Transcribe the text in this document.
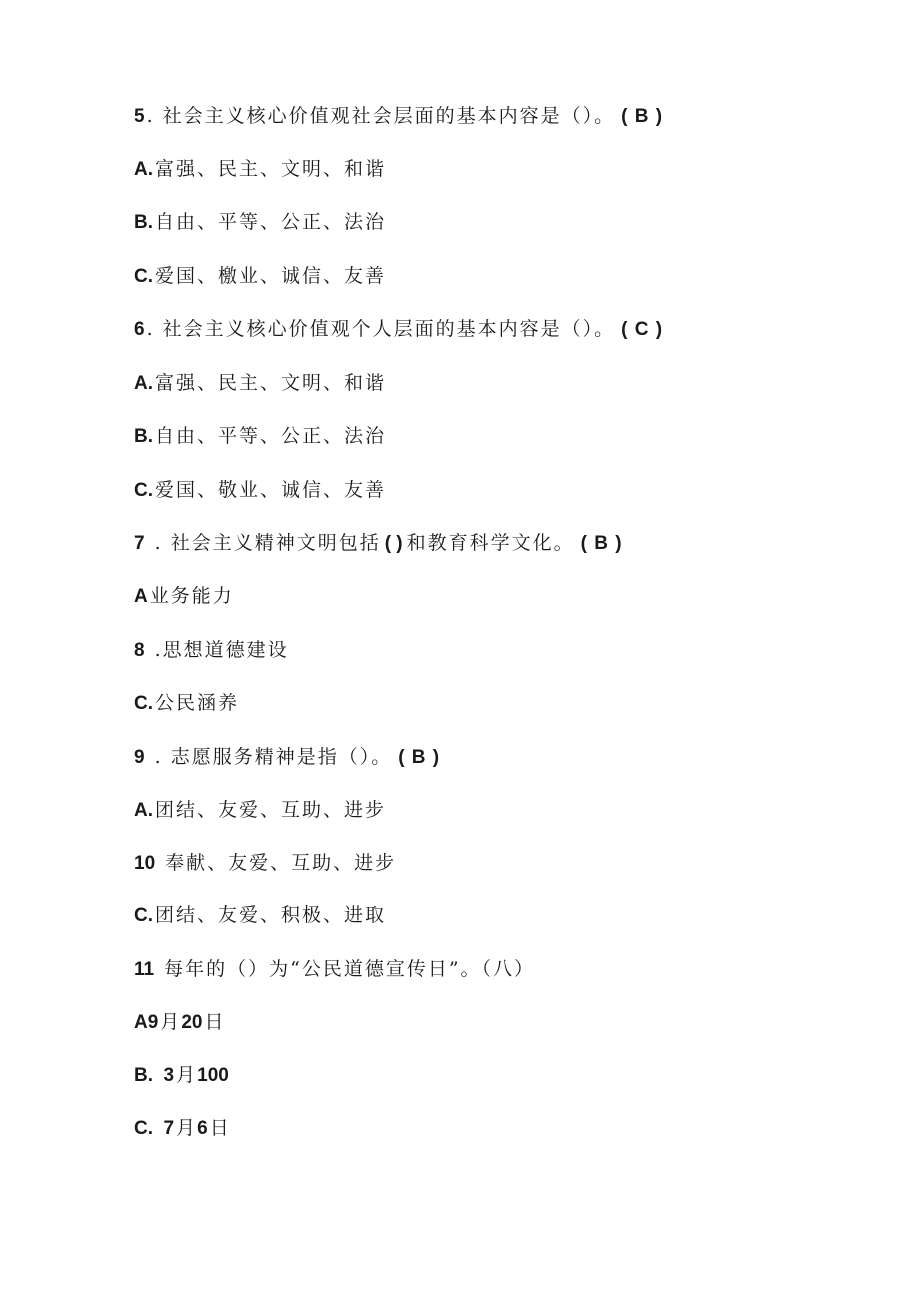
5 . 社会主义核心价值观社会层面的基本内容是（）。 ( B )
A. 富强、民主、文明、和谐
B. 自由、平等、公正、法治
C. 爱国、檄业、诚信、友善
6 . 社会主义核心价值观个人层面的基本内容是（）。 ( C )
A. 富强、民主、文明、和谐
B. 自由、平等、公正、法治
C. 爱国、敬业、诚信、友善
7 . 社会主义精神文明包括 ( ) 和教育科学文化。 ( B )
A 业务能力
8 .思想道德建设
C. 公民涵养
9 . 志愿服务精神是指（）。 ( B )
A. 团结、友爱、互助、进步
10 奉献、友爱、互助、进步
C. 团结、友爱、积极、进取
11 每年的（）为“公民道德宣传日”。（八）
A9 月20 日
B.  3 月100
C.  7 月6 日
